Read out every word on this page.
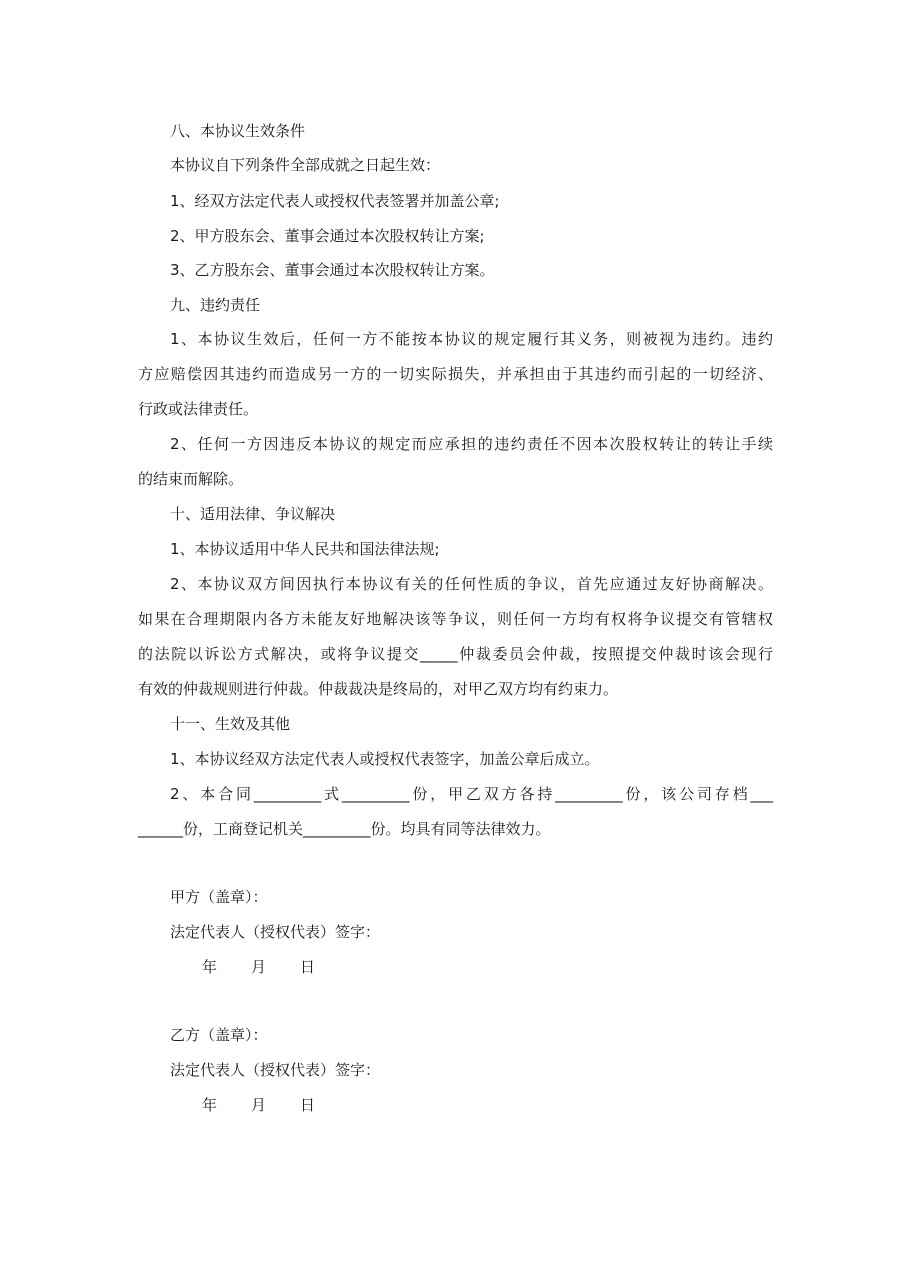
八、本协议生效条件
本协议自下列条件全部成就之日起生效：
1、经双方法定代表人或授权代表签署并加盖公章;
2、甲方股东会、董事会通过本次股权转让方案;
3、乙方股东会、董事会通过本次股权转让方案。
九、违约责任
1、本协议生效后，任何一方不能按本协议的规定履行其义务，则被视为违约。违约
方应赔偿因其违约而造成另一方的一切实际损失，并承担由于其违约而引起的一切经济、
行政或法律责任。
2、任何一方因违反本协议的规定而应承担的违约责任不因本次股权转让的转让手续
的结束而解除。
十、适用法律、争议解决
1、本协议适用中华人民共和国法律法规;
2、本协议双方间因执行本协议有关的任何性质的争议，首先应通过友好协商解决。
如果在合理期限内各方未能友好地解决该等争议，则任何一方均有权将争议提交有管辖权
的法院以诉讼方式解决，或将争议提交_____仲裁委员会仲裁，按照提交仲裁时该会现行
有效的仲裁规则进行仲裁。仲裁裁决是终局的，对甲乙双方均有约束力。
十一、生效及其他
1、本协议经双方法定代表人或授权代表签字，加盖公章后成立。
2、本合同_________式_________份，甲乙双方各持_________份，该公司存档___
______份，工商登记机关_________份。均具有同等法律效力。
甲方（盖章）：
法定代表人（授权代表）签字：
年 月 日
乙方（盖章）：
法定代表人（授权代表）签字：
年 月 日
